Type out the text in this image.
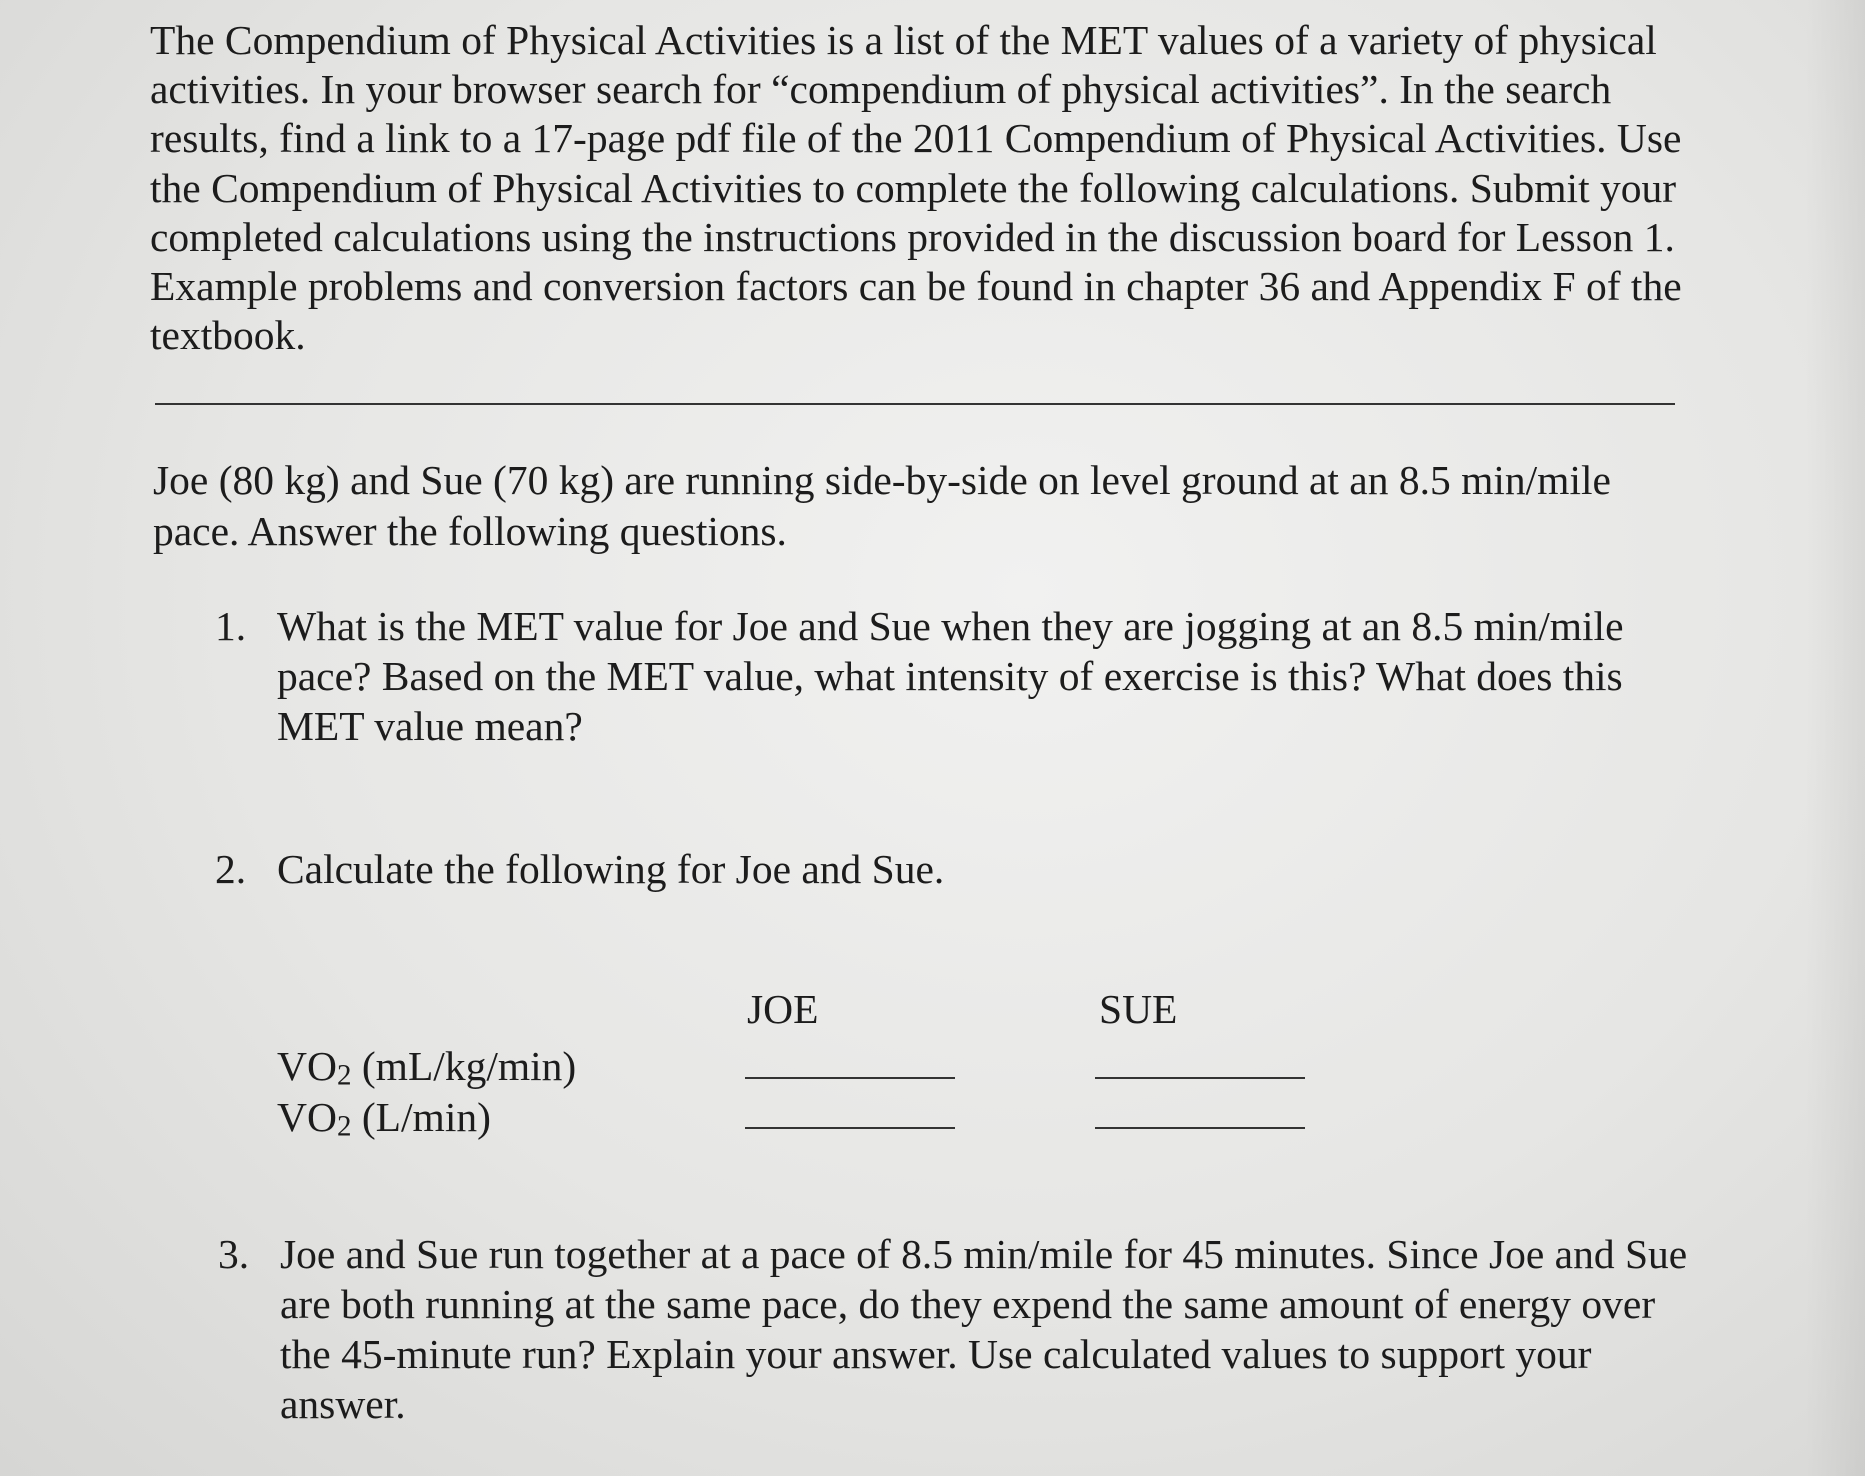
The Compendium of Physical Activities is a list of the MET values of a variety of physical activities. In your browser search for “compendium of physical activities”. In the search results, find a link to a 17-page pdf file of the 2011 Compendium of Physical Activities. Use the Compendium of Physical Activities to complete the following calculations. Submit your completed calculations using the instructions provided in the discussion board for Lesson 1. Example problems and conversion factors can be found in chapter 36 and Appendix F of the textbook.

Joe (80 kg) and Sue (70 kg) are running side-by-side on level ground at an 8.5 min/mile pace. Answer the following questions.

1. What is the MET value for Joe and Sue when they are jogging at an 8.5 min/mile pace? Based on the MET value, what intensity of exercise is this? What does this MET value mean?
2. Calculate the following for Joe and Sue.
JOE	SUE
$VO_2$ (mL/kg/min)
$VO_2$ (L/min)
3. Joe and Sue run together at a pace of 8.5 min/mile for 45 minutes. Since Joe and Sue are both running at the same pace, do they expend the same amount of energy over the 45-minute run? Explain your answer. Use calculated values to support your answer.
